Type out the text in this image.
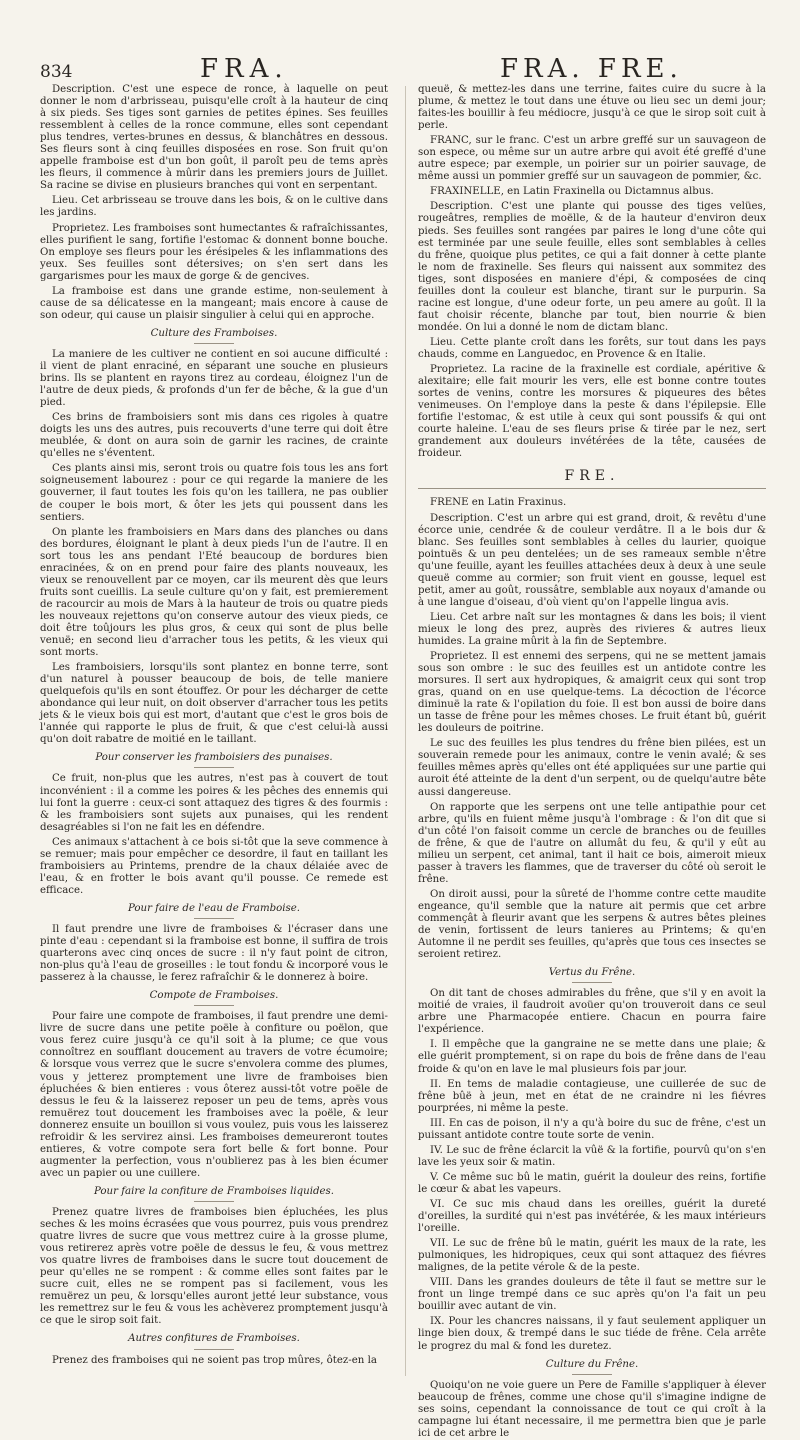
834	FRA.	FRA. FRE.

Description. C'est une espece de ronce, à laquelle on peut donner le nom d'arbrisseau, puisqu'elle croît à la hauteur de cinq à six pieds. Ses tiges sont garnies de petites épines. Ses feuilles ressemblent à celles de la ronce commune, elles sont cependant plus tendres, vertes-brunes en dessus, & blanchâtres en dessous. Ses fleurs sont à cinq feuilles disposées en rose. Son fruit qu'on appelle framboise est d'un bon goût, il paroît peu de tems après les fleurs, il commence à mûrir dans les premiers jours de Juillet. Sa racine se divise en plusieurs branches qui vont en serpentant.

Lieu. Cet arbrisseau se trouve dans les bois, & on le cultive dans les jardins.

Proprietez. Les framboises sont humectantes & rafraîchissantes, elles purifient le sang, fortifie l'estomac & donnent bonne bouche. On employe ses fleurs pour les érésipeles & les inflammations des yeux. Ses feuilles sont détersives; on s'en sert dans les gargarismes pour les maux de gorge & de gencives.

La framboise est dans une grande estime, non-seulement à cause de sa délicatesse en la mangeant; mais encore à cause de son odeur, qui cause un plaisir singulier à celui qui en approche.

Culture des Framboises.

La maniere de les cultiver ne contient en soi aucune difficulté : il vient de plant enraciné, en séparant une souche en plusieurs brins. Ils se plantent en rayons tirez au cordeau, éloignez l'un de l'autre de deux pieds, & profonds d'un fer de bêche, & la gue d'un pied.

Ces brins de framboisiers sont mis dans ces rigoles à quatre doigts les uns des autres, puis recouverts d'une terre qui doit être meublée, & dont on aura soin de garnir les racines, de crainte qu'elles ne s'éventent.

Ces plants ainsi mis, seront trois ou quatre fois tous les ans fort soigneusement labourez : pour ce qui regarde la maniere de les gouverner, il faut toutes les fois qu'on les taillera, ne pas oublier de couper le bois mort, & ôter les jets qui poussent dans les sentiers.

On plante les framboisiers en Mars dans des planches ou dans des bordures, éloignant le plant à deux pieds l'un de l'autre. Il en sort tous les ans pendant l'Eté beaucoup de bordures bien enracinées, & on en prend pour faire des plants nouveaux, les vieux se renouvellent par ce moyen, car ils meurent dès que leurs fruits sont cueillis. La seule culture qu'on y fait, est premierement de racourcir au mois de Mars à la hauteur de trois ou quatre pieds les nouveaux rejettons qu'on conserve autour des vieux pieds, ce doit être toûjours les plus gros, & ceux qui sont de plus belle venuë; en second lieu d'arracher tous les petits, & les vieux qui sont morts.

Les framboisiers, lorsqu'ils sont plantez en bonne terre, sont d'un naturel à pousser beaucoup de bois, de telle maniere quelquefois qu'ils en sont étouffez. Or pour les décharger de cette abondance qui leur nuit, on doit observer d'arracher tous les petits jets & le vieux bois qui est mort, d'autant que c'est le gros bois de l'année qui rapporte le plus de fruit, & que c'est celui-là aussi qu'on doit rabatre de moitié en le taillant.

Pour conserver les framboisiers des punaises.

Ce fruit, non-plus que les autres, n'est pas à couvert de tout inconvénient : il a comme les poires & les pêches des ennemis qui lui font la guerre : ceux-ci sont attaquez des tigres & des fourmis : & les framboisiers sont sujets aux punaises, qui les rendent desagréables si l'on ne fait les en défendre.

Ces animaux s'attachent à ce bois si-tôt que la seve commence à se remuer; mais pour empêcher ce desordre, il faut en taillant les framboisiers au Printems, prendre de la chaux délaiée avec de l'eau, & en frotter le bois avant qu'il pousse. Ce remede est efficace.

Pour faire de l'eau de Framboise.

Il faut prendre une livre de framboises & l'écraser dans une pinte d'eau : cependant si la framboise est bonne, il suffira de trois quarterons avec cinq onces de sucre : il n'y faut point de citron, non-plus qu'à l'eau de groseilles : le tout fondu & incorporé vous le passerez à la chausse, le ferez rafraîchir & le donnerez à boire.

Compote de Framboises.

Pour faire une compote de framboises, il faut prendre une demi-livre de sucre dans une petite poële à confiture ou poëlon, que vous ferez cuire jusqu'à ce qu'il soit à la plume; ce que vous connoîtrez en soufflant doucement au travers de votre écumoire; & lorsque vous verrez que le sucre s'envolera comme des plumes, vous y jetterez promptement une livre de framboises bien épluchées & bien entieres : vous ôterez aussi-tôt votre poële de dessus le feu & la laisserez reposer un peu de tems, après vous remuërez tout doucement les framboises avec la poële, & leur donnerez ensuite un bouillon si vous voulez, puis vous les laisserez refroidir & les servirez ainsi. Les framboises demeureront toutes entieres, & votre compote sera fort belle & fort bonne. Pour augmenter la perfection, vous n'oublierez pas à les bien écumer avec un papier ou une cuillere.

Pour faire la confiture de Framboises liquides.

Prenez quatre livres de framboises bien épluchées, les plus seches & les moins écrasées que vous pourrez, puis vous prendrez quatre livres de sucre que vous mettrez cuire à la grosse plume, vous retirerez après votre poële de dessus le feu, & vous mettrez vos quatre livres de framboises dans le sucre tout doucement de peur qu'elles ne se rompent : & comme elles sont faites par le sucre cuit, elles ne se rompent pas si facilement, vous les remuërez un peu, & lorsqu'elles auront jetté leur substance, vous les remettrez sur le feu & vous les achèverez promptement jusqu'à ce que le sirop soit fait.

Autres confitures de Framboises.

Prenez des framboises qui ne soient pas trop mûres, ôtez-en la

queuë, & mettez-les dans une terrine, faites cuire du sucre à la plume, & mettez le tout dans une étuve ou lieu sec un demi jour; faites-les bouillir à feu médiocre, jusqu'à ce que le sirop soit cuit à perle.

FRANC, sur le franc. C'est un arbre greffé sur un sauvageon de son espece, ou même sur un autre arbre qui avoit été greffé d'une autre espece; par exemple, un poirier sur un poirier sauvage, de même aussi un pommier greffé sur un sauvageon de pommier, &c.

FRAXINELLE, en Latin Fraxinella ou Dictamnus albus.

Description. C'est une plante qui pousse des tiges velües, rougeâtres, remplies de moëlle, & de la hauteur d'environ deux pieds. Ses feuilles sont rangées par paires le long d'une côte qui est terminée par une seule feuille, elles sont semblables à celles du frêne, quoique plus petites, ce qui a fait donner à cette plante le nom de fraxinelle. Ses fleurs qui naissent aux sommitez des tiges, sont disposées en maniere d'épi, & composées de cinq feuilles dont la couleur est blanche, tirant sur le purpurin. Sa racine est longue, d'une odeur forte, un peu amere au goût. Il la faut choisir récente, blanche par tout, bien nourrie & bien mondée. On lui a donné le nom de dictam blanc.

Lieu. Cette plante croît dans les forêts, sur tout dans les pays chauds, comme en Languedoc, en Provence & en Italie.

Proprietez. La racine de la fraxinelle est cordiale, apéritive & alexitaire; elle fait mourir les vers, elle est bonne contre toutes sortes de venins, contre les morsures & piqueures des bêtes venimeuses. On l'employe dans la peste & dans l'épilepsie. Elle fortifie l'estomac, & est utile à ceux qui sont poussifs & qui ont courte haleine. L'eau de ses fleurs prise & tirée par le nez, sert grandement aux douleurs invétérées de la tête, causées de froideur.

FRE.

FRENE en Latin Fraxinus.

Description. C'est un arbre qui est grand, droit, & revêtu d'une écorce unie, cendrée & de couleur verdâtre. Il a le bois dur & blanc. Ses feuilles sont semblables à celles du laurier, quoique pointuës & un peu dentelées; un de ses rameaux semble n'être qu'une feuille, ayant les feuilles attachées deux à deux à une seule queuë comme au cormier; son fruit vient en gousse, lequel est petit, amer au goût, roussâtre, semblable aux noyaux d'amande ou à une langue d'oiseau, d'où vient qu'on l'appelle lingua avis.

Lieu. Cet arbre naît sur les montagnes & dans les bois; il vient mieux le long des prez, auprès des rivieres & autres lieux humides. La graine mûrit à la fin de Septembre.

Proprietez. Il est ennemi des serpens, qui ne se mettent jamais sous son ombre : le suc des feuilles est un antidote contre les morsures. Il sert aux hydropiques, & amaigrit ceux qui sont trop gras, quand on en use quelque-tems. La décoction de l'écorce diminuë la rate & l'opilation du foie. Il est bon aussi de boire dans un tasse de frêne pour les mêmes choses. Le fruit étant bû, guérit les douleurs de poitrine.

Le suc des feuilles les plus tendres du frêne bien pilées, est un souverain remede pour les animaux, contre le venin avalé; & ses feuilles mêmes après qu'elles ont été appliquées sur une partie qui auroit été atteinte de la dent d'un serpent, ou de quelqu'autre bête aussi dangereuse.

On rapporte que les serpens ont une telle antipathie pour cet arbre, qu'ils en fuient même jusqu'à l'ombrage : & l'on dit que si d'un côté l'on faisoit comme un cercle de branches ou de feuilles de frêne, & que de l'autre on allumât du feu, & qu'il y eût au milieu un serpent, cet animal, tant il hait ce bois, aimeroit mieux passer à travers les flammes, que de traverser du côté où seroit le frêne.

On diroit aussi, pour la sûreté de l'homme contre cette maudite engeance, qu'il semble que la nature ait permis que cet arbre commençât à fleurir avant que les serpens & autres bêtes pleines de venin, fortissent de leurs tanieres au Printems; & qu'en Automne il ne perdit ses feuilles, qu'après que tous ces insectes se seroient retirez.

Vertus du Frêne.

On dit tant de choses admirables du frêne, que s'il y en avoit la moitié de vraies, il faudroit avoüer qu'on trouveroit dans ce seul arbre une Pharmacopée entiere. Chacun en pourra faire l'expérience.

I. Il empêche que la gangraine ne se mette dans une plaie; & elle guérit promptement, si on rape du bois de frêne dans de l'eau froide & qu'on en lave le mal plusieurs fois par jour.

II. En tems de maladie contagieuse, une cuillerée de suc de frêne bûë à jeun, met en état de ne craindre ni les fiévres pourprées, ni même la peste.

III. En cas de poison, il n'y a qu'à boire du suc de frêne, c'est un puissant antidote contre toute sorte de venin.

IV. Le suc de frêne éclarcit la vûë & la fortifie, pourvû qu'on s'en lave les yeux soir & matin.

V. Ce même suc bû le matin, guérit la douleur des reins, fortifie le cœur & abat les vapeurs.

VI. Ce suc mis chaud dans les oreilles, guérit la dureté d'oreilles, la surdité qui n'est pas invétérée, & les maux intérieurs l'oreille.

VII. Le suc de frêne bû le matin, guérit les maux de la rate, les pulmoniques, les hidropiques, ceux qui sont attaquez des fiévres malignes, de la petite vérole & de la peste.

VIII. Dans les grandes douleurs de tête il faut se mettre sur le front un linge trempé dans ce suc après qu'on l'a fait un peu bouillir avec autant de vin.

IX. Pour les chancres naissans, il y faut seulement appliquer un linge bien doux, & trempé dans le suc tiéde de frêne. Cela arrête le progrez du mal & fond les duretez.

Culture du Frêne.

Quoiqu'on ne voie guere un Pere de Famille s'appliquer à élever beaucoup de frênes, comme une chose qu'il s'imagine indigne de ses soins, cependant la connoissance de tout ce qui croît à la campagne lui étant necessaire, il me permettra bien que je parle ici de cet arbre le
